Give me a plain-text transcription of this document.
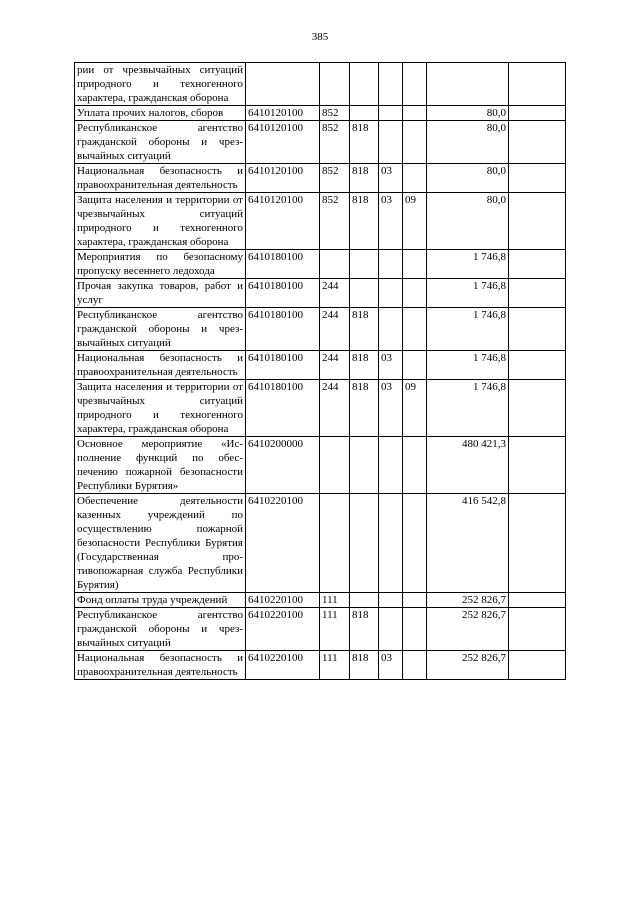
385
рии от чрезвычайных ситуаций природного и техногенного характера, гражданская оборона							
Уплата прочих налогов, сборов	6410120100	852				80,0	
Республиканское агентство гражданской обороны и чрезвычайных ситуаций	6410120100	852	818			80,0	
Национальная безопасность и правоохранительная деятельность	6410120100	852	818	03		80,0	
Защита населения и территории от чрезвычайных ситуаций природного и техногенного характера, гражданская оборона	6410120100	852	818	03	09	80,0	
Мероприятия по безопасному пропуску весеннего ледохода	6410180100					1 746,8	
Прочая закупка товаров, работ и услуг	6410180100	244				1 746,8	
Республиканское агентство гражданской обороны и чрезвычайных ситуаций	6410180100	244	818			1 746,8	
Национальная безопасность и правоохранительная деятельность	6410180100	244	818	03		1 746,8	
Защита населения и территории от чрезвычайных ситуаций природного и техногенного характера, гражданская оборона	6410180100	244	818	03	09	1 746,8	
Основное мероприятие «Исполнение функций по обеспечению пожарной безопасности Республики Бурятия»	6410200000					480 421,3	
Обеспечение деятельности казенных учреждений по осуществлению пожарной безопасности Республики Бурятия (Государственная противопожарная служба Республики Бурятия)	6410220100					416 542,8	
Фонд оплаты труда учреждений	6410220100	111				252 826,7	
Республиканское агентство гражданской обороны и чрезвычайных ситуаций	6410220100	111	818			252 826,7	
Национальная безопасность и правоохранительная деятельность	6410220100	111	818	03		252 826,7	
